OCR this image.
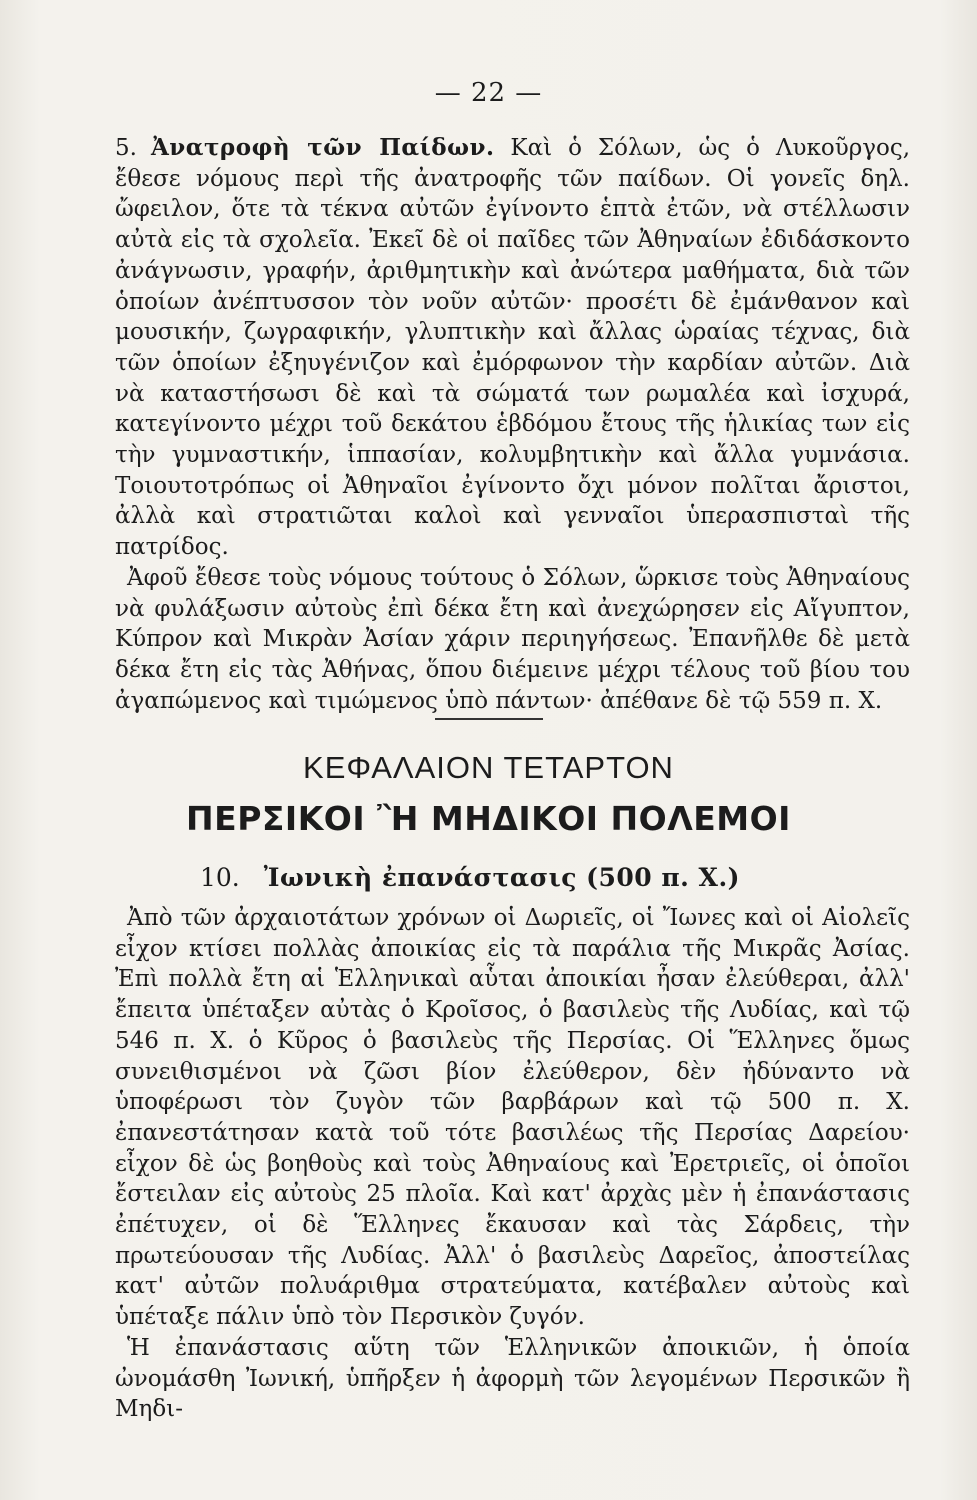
— 22 —

5. Ἀνατροφὴ τῶν Παίδων. Καὶ ὁ Σόλων, ὡς ὁ Λυκοῦργος, ἔθεσε νόμους περὶ τῆς ἀνατροφῆς τῶν παίδων. Οἱ γονεῖς δηλ. ὤφειλον, ὅτε τὰ τέκνα αὐτῶν ἐγίνοντο ἑπτὰ ἐτῶν, νὰ στέλλωσιν αὐτὰ εἰς τὰ σχολεῖα. Ἐκεῖ δὲ οἱ παῖδες τῶν Ἀθηναίων ἐδιδάσκοντο ἀνάγνωσιν, γραφήν, ἀριθμητικὴν καὶ ἀνώτερα μαθήματα, διὰ τῶν ὁποίων ἀνέπτυσσον τὸν νοῦν αὐτῶν· προσέτι δὲ ἐμάνθανον καὶ μουσικήν, ζωγραφικήν, γλυπτικὴν καὶ ἄλλας ὡραίας τέχνας, διὰ τῶν ὁποίων ἐξηυγένιζον καὶ ἐμόρφωνον τὴν καρδίαν αὐτῶν. Διὰ νὰ καταστήσωσι δὲ καὶ τὰ σώματά των ρωμαλέα καὶ ἰσχυρά, κατεγίνοντο μέχρι τοῦ δεκάτου ἑβδόμου ἔτους τῆς ἡλικίας των εἰς τὴν γυμναστικήν, ἱππασίαν, κολυμβητικὴν καὶ ἄλλα γυμνάσια. Τοιουτοτρόπως οἱ Ἀθηναῖοι ἐγίνοντο ὄχι μόνον πολῖται ἄριστοι, ἀλλὰ καὶ στρατιῶται καλοὶ καὶ γενναῖοι ὑπερασπισταὶ τῆς πατρίδος.

Ἀφοῦ ἔθεσε τοὺς νόμους τούτους ὁ Σόλων, ὥρκισε τοὺς Ἀθηναίους νὰ φυλάξωσιν αὐτοὺς ἐπὶ δέκα ἔτη καὶ ἀνεχώρησεν εἰς Αἴγυπτον, Κύπρον καὶ Μικρὰν Ἀσίαν χάριν περιηγήσεως. Ἐπανῆλθε δὲ μετὰ δέκα ἔτη εἰς τὰς Ἀθήνας, ὅπου διέμεινε μέχρι τέλους τοῦ βίου του ἀγαπώμενος καὶ τιμώμενος ὑπὸ πάντων· ἀπέθανε δὲ τῷ 559 π. Χ.

ΚΕΦΑΛΑΙΟΝ ΤΕΤΑΡΤΟΝ
ΠΕΡΣΙΚΟΙ Ἢ ΜΗΔΙΚΟΙ ΠΟΛΕΜΟΙ
10. Ἰωνικὴ ἐπανάστασις (500 π. Χ.)

Ἀπὸ τῶν ἀρχαιοτάτων χρόνων οἱ Δωριεῖς, οἱ Ἴωνες καὶ οἱ Αἰολεῖς εἶχον κτίσει πολλὰς ἀποικίας εἰς τὰ παράλια τῆς Μικρᾶς Ἀσίας. Ἐπὶ πολλὰ ἔτη αἱ Ἑλληνικαὶ αὗται ἀποικίαι ἦσαν ἐλεύθεραι, ἀλλ' ἔπειτα ὑπέταξεν αὐτὰς ὁ Κροῖσος, ὁ βασιλεὺς τῆς Λυδίας, καὶ τῷ 546 π. Χ. ὁ Κῦρος ὁ βασιλεὺς τῆς Περσίας. Οἱ Ἕλληνες ὅμως συνειθισμένοι νὰ ζῶσι βίον ἐλεύθερον, δὲν ἠδύναντο νὰ ὑποφέρωσι τὸν ζυγὸν τῶν βαρβάρων καὶ τῷ 500 π. Χ. ἐπανεστάτησαν κατὰ τοῦ τότε βασιλέως τῆς Περσίας Δαρείου· εἶχον δὲ ὡς βοηθοὺς καὶ τοὺς Ἀθηναίους καὶ Ἐρετριεῖς, οἱ ὁποῖοι ἔστειλαν εἰς αὐτοὺς 25 πλοῖα. Καὶ κατ' ἀρχὰς μὲν ἡ ἐπανάστασις ἐπέτυχεν, οἱ δὲ Ἕλληνες ἔκαυσαν καὶ τὰς Σάρδεις, τὴν πρωτεύουσαν τῆς Λυδίας. Ἀλλ' ὁ βασιλεὺς Δαρεῖος, ἀποστείλας κατ' αὐτῶν πολυάριθμα στρατεύματα, κατέβαλεν αὐτοὺς καὶ ὑπέταξε πάλιν ὑπὸ τὸν Περσικὸν ζυγόν.

Ἡ ἐπανάστασις αὕτη τῶν Ἑλληνικῶν ἀποικιῶν, ἡ ὁποία ὠνομάσθη Ἰωνική, ὑπῆρξεν ἡ ἀφορμὴ τῶν λεγομένων Περσικῶν ἢ Μηδι-
